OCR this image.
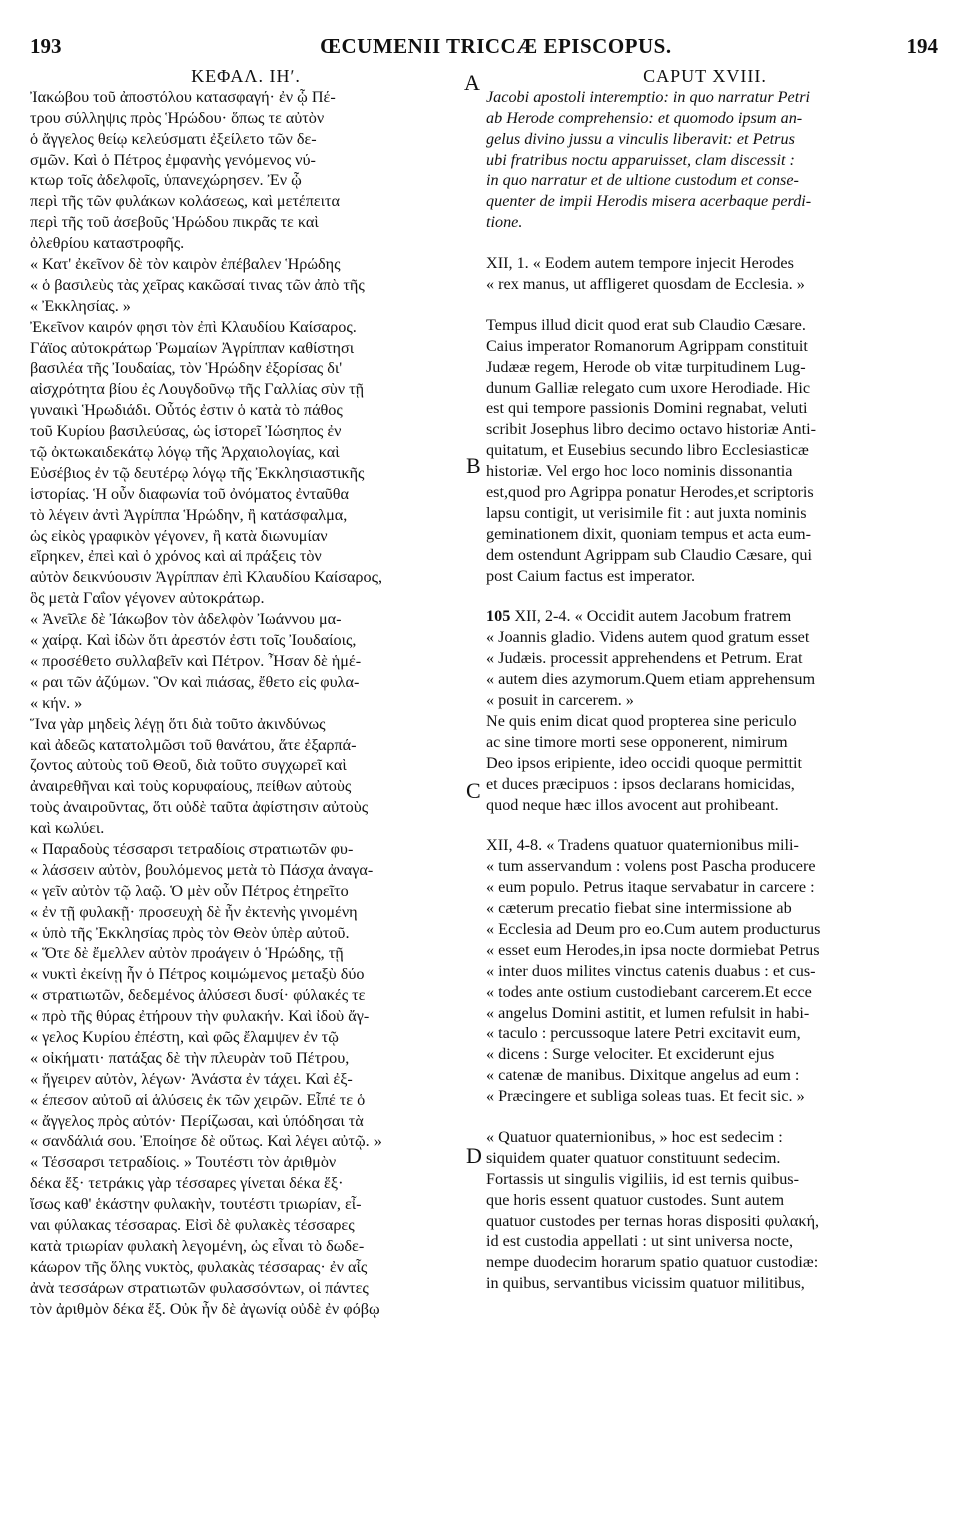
193	ŒCUMENII TRICCÆ EPISCOPUS.	194
A
B
C
D
ΚΕΦΑΛ. ΙΗʹ.
Ἰακώβου τοῦ ἀποστόλου κατασφαγή· ἐν ᾧ Πέ-
τρου σύλληψις πρὸς Ἡρώδου· ὅπως τε αὐτὸν
ὁ ἄγγελος θείῳ κελεύσματι ἐξείλετο τῶν δε-
σμῶν. Καὶ ὁ Πέτρος ἐμφανὴς γενόμενος νύ-
κτωρ τοῖς ἀδελφοῖς, ὑπανεχώρησεν. Ἐν ᾧ
περὶ τῆς τῶν φυλάκων κολάσεως, καὶ μετέπειτα
περὶ τῆς τοῦ ἀσεβοῦς Ἡρώδου πικρᾶς τε καὶ
ὀλεθρίου καταστροφῆς.
« Κατ' ἐκεῖνον δὲ τὸν καιρὸν ἐπέβαλεν Ἡρώδης
« ὁ βασιλεὺς τὰς χεῖρας κακῶσαί τινας τῶν ἀπὸ τῆς
« Ἐκκλησίας. »
Ἐκεῖνον καιρόν φησι τὸν ἐπὶ Κλαυδίου Καίσαρος.
Γάϊος αὐτοκράτωρ Ῥωμαίων Ἀγρίππαν καθίστησι
βασιλέα τῆς Ἰουδαίας, τὸν Ἡρώδην ἐξορίσας δι'
αἰσχρότητα βίου ἐς Λουγδοῦνῳ τῆς Γαλλίας σὺν τῇ
γυναικὶ Ἡρωδιάδι. Οὗτός ἐστιν ὁ κατὰ τὸ πάθος
τοῦ Κυρίου βασιλεύσας, ὡς ἱστορεῖ Ἰώσηπος ἐν
τῷ ὀκτωκαιδεκάτῳ λόγῳ τῆς Ἀρχαιολογίας, καὶ
Εὐσέβιος ἐν τῷ δευτέρῳ λόγῳ τῆς Ἐκκλησιαστικῆς
ἱστορίας. Ἡ οὖν διαφωνία τοῦ ὀνόματος ἐνταῦθα
τὸ λέγειν ἀντὶ Ἀγρίππα Ἡρώδην, ἢ κατάσφαλμα,
ὡς εἰκὸς γραφικὸν γέγονεν, ἢ κατὰ διωνυμίαν
εἴρηκεν, ἐπεὶ καὶ ὁ χρόνος καὶ αἱ πράξεις τὸν
αὐτὸν δεικνύουσιν Ἀγρίππαν ἐπὶ Κλαυδίου Καίσαρος,
ὃς μετὰ Γαΐον γέγονεν αὐτοκράτωρ.
« Ἀνεῖλε δὲ Ἰάκωβον τὸν ἀδελφὸν Ἰωάννου μα-
« χαίρᾳ. Καὶ ἰδὼν ὅτι ἀρεστόν ἐστι τοῖς Ἰουδαίοις,
« προσέθετο συλλαβεῖν καὶ Πέτρον. Ἦσαν δὲ ἡμέ-
« ραι τῶν ἀζύμων. Ὃν καὶ πιάσας, ἔθετο εἰς φυλα-
« κήν. »
Ἵνα γὰρ μηδεὶς λέγῃ ὅτι διὰ τοῦτο ἀκινδύνως
καὶ ἀδεῶς κατατολμῶσι τοῦ θανάτου, ἅτε ἐξαρπά-
ζοντος αὐτοὺς τοῦ Θεοῦ, διὰ τοῦτο συγχωρεῖ καὶ
ἀναιρεθῆναι καὶ τοὺς κορυφαίους, πείθων αὐτοὺς
τοὺς ἀναιροῦντας, ὅτι οὐδὲ ταῦτα ἀφίστησιν αὐτοὺς
καὶ κωλύει.
« Παραδοὺς τέσσαρσι τετραδίοις στρατιωτῶν φυ-
« λάσσειν αὐτὸν, βουλόμενος μετὰ τὸ Πάσχα ἀναγα-
« γεῖν αὐτὸν τῷ λαῷ. Ὁ μὲν οὖν Πέτρος ἐτηρεῖτο
« ἐν τῇ φυλακῇ· προσευχὴ δὲ ἦν ἐκτενὴς γινομένη
« ὑπὸ τῆς Ἐκκλησίας πρὸς τὸν Θεὸν ὑπὲρ αὐτοῦ.
« Ὅτε δὲ ἔμελλεν αὐτὸν προάγειν ὁ Ἡρώδης, τῇ
« νυκτὶ ἐκείνῃ ἦν ὁ Πέτρος κοιμώμενος μεταξὺ δύο
« στρατιωτῶν, δεδεμένος ἁλύσεσι δυσί· φύλακές τε
« πρὸ τῆς θύρας ἐτήρουν τὴν φυλακήν. Καὶ ἰδοὺ ἄγ-
« γελος Κυρίου ἐπέστη, καὶ φῶς ἔλαμψεν ἐν τῷ
« οἰκήματι· πατάξας δὲ τὴν πλευρὰν τοῦ Πέτρου,
« ἤγειρεν αὐτὸν, λέγων· Ἀνάστα ἐν τάχει. Καὶ ἐξ-
« έπεσον αὐτοῦ αἱ ἁλύσεις ἐκ τῶν χειρῶν. Εἶπέ τε ὁ
« ἄγγελος πρὸς αὐτόν· Περίζωσαι, καὶ ὑπόδησαι τὰ
« σανδάλιά σου. Ἐποίησε δὲ οὕτως. Καὶ λέγει αὐτῷ. »
« Τέσσαρσι τετραδίοις. » Τουτέστι τὸν ἀριθμὸν
δέκα ἕξ· τετράκις γὰρ τέσσαρες γίνεται δέκα ἕξ·
ἴσως καθ' ἑκάστην φυλακὴν, τουτέστι τριωρίαν, εἶ-
ναι φύλακας τέσσαρας. Εἰσὶ δὲ φυλακὲς τέσσαρες
κατὰ τριωρίαν φυλακὴ λεγομένη, ὡς εἶναι τὸ δωδε-
κάωρον τῆς ὅλης νυκτὸς, φυλακὰς τέσσαρας· ἐν αἷς
ἀνὰ τεσσάρων στρατιωτῶν φυλασσόντων, οἱ πάντες
τὸν ἀριθμὸν δέκα ἕξ. Οὐκ ἦν δὲ ἀγωνίᾳ οὐδὲ ἐν φόβῳ
CAPUT XVIII.
Jacobi apostoli interemptio: in quo narratur Petri
ab Herode comprehensio: et quomodo ipsum an-
gelus divino jussu a vinculis liberavit: et Petrus
ubi fratribus noctu apparuisset, clam discessit :
in quo narratur et de ultione custodum et conse-
quenter de impii Herodis misera acerbaque perdi-
tione.
XII, 1. « Eodem autem tempore injecit Herodes
« rex manus, ut affligeret quosdam de Ecclesia. »
Tempus illud dicit quod erat sub Claudio Cæsare.
Caius imperator Romanorum Agrippam constituit
Judææ regem, Herode ob vitæ turpitudinem Lug-
dunum Galliæ relegato cum uxore Herodiade. Hic
est qui tempore passionis Domini regnabat, veluti
scribit Josephus libro decimo octavo historiæ Anti-
quitatum, et Eusebius secundo libro Ecclesiasticæ
historiæ. Vel ergo hoc loco nominis dissonantia
est,quod pro Agrippa ponatur Herodes,et scriptoris
lapsu contigit, ut verisimile fit : aut juxta nominis
geminationem dixit, quoniam tempus et acta eum-
dem ostendunt Agrippam sub Claudio Cæsare, qui
post Caium factus est imperator.
105 XII, 2-4. « Occidit autem Jacobum fratrem
« Joannis gladio. Videns autem quod gratum esset
« Judæis. processit apprehendens et Petrum. Erat
« autem dies azymorum.Quem etiam apprehensum
« posuit in carcerem. »
Ne quis enim dicat quod propterea sine periculo
ac sine timore morti sese opponerent, nimirum
Deo ipsos eripiente, ideo occidi quoque permittit
et duces præcipuos : ipsos declarans homicidas,
quod neque hæc illos avocent aut prohibeant.
XII, 4-8. « Tradens quatuor quaternionibus mili-
« tum asservandum : volens post Pascha producere
« eum populo. Petrus itaque servabatur in carcere :
« cæterum precatio fiebat sine intermissione ab
« Ecclesia ad Deum pro eo.Cum autem producturus
« esset eum Herodes,in ipsa nocte dormiebat Petrus
« inter duos milites vinctus catenis duabus : et cus-
« todes ante ostium custodiebant carcerem.Et ecce
« angelus Domini astitit, et lumen refulsit in habi-
« taculo : percussoque latere Petri excitavit eum,
« dicens : Surge velociter. Et exciderunt ejus
« catenæ de manibus. Dixitque angelus ad eum :
« Præcingere et subliga soleas tuas. Et fecit sic. »
« Quatuor quaternionibus, » hoc est sedecim :
siquidem quater quatuor constituunt sedecim.
Fortassis ut singulis vigiliis, id est ternis quibus-
que horis essent quatuor custodes. Sunt autem
quatuor custodes per ternas horas dispositi φυλακή,
id est custodia appellati : ut sint universa nocte,
nempe duodecim horarum spatio quatuor custodiæ:
in quibus, servantibus vicissim quatuor militibus,
